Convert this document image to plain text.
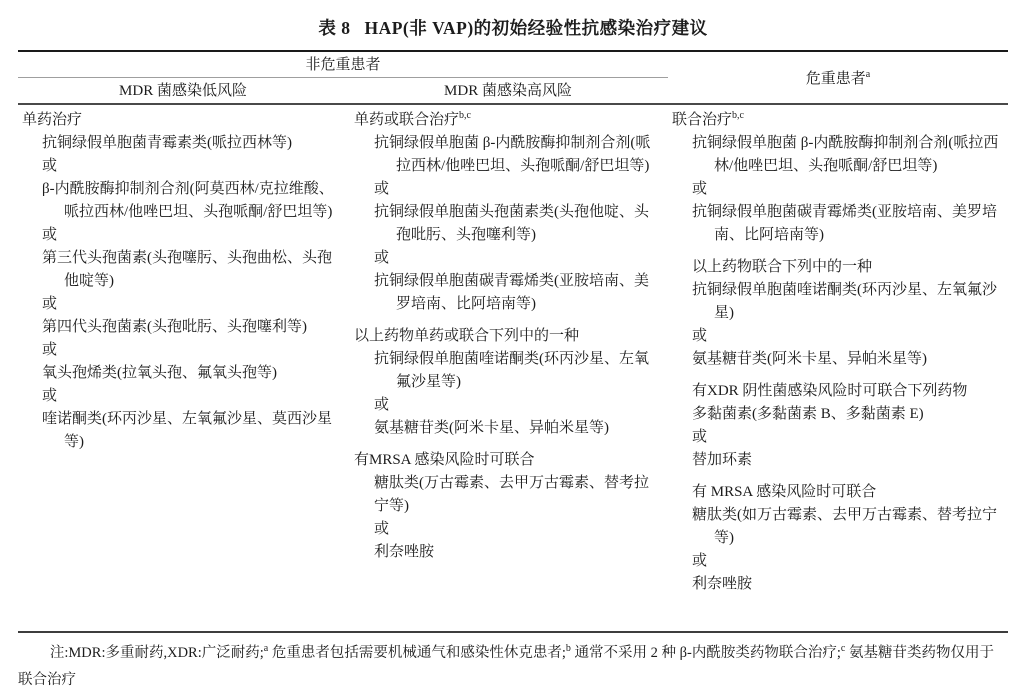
表 8 HAP(非 VAP)的初始经验性抗感染治疗建议
非危重患者
MDR 菌感染低风险	MDR 菌感染高风险
危重患者$^a$
单药治疗
抗铜绿假单胞菌青霉素类(哌拉西林等)
或
β-内酰胺酶抑制剂合剂(阿莫西林/克拉维酸、哌拉西林/他唑巴坦、头孢哌酮/舒巴坦等)
或
第三代头孢菌素(头孢噻肟、头孢曲松、头孢他啶等)
或
第四代头孢菌素(头孢吡肟、头孢噻利等)
或
氧头孢烯类(拉氧头孢、氟氧头孢等)
或
喹诺酮类(环丙沙星、左氧氟沙星、莫西沙星等)
单药或联合治疗$^{b,c}$
抗铜绿假单胞菌 β-内酰胺酶抑制剂合剂(哌拉西林/他唑巴坦、头孢哌酮/舒巴坦等)
或
抗铜绿假单胞菌头孢菌素类(头孢他啶、头孢吡肟、头孢噻利等)
或
抗铜绿假单胞菌碳青霉烯类(亚胺培南、美罗培南、比阿培南等)
以上药物单药或联合下列中的一种
抗铜绿假单胞菌喹诺酮类(环丙沙星、左氧氟沙星等)
或
氨基糖苷类(阿米卡星、异帕米星等)
有MRSA 感染风险时可联合
糖肽类(万古霉素、去甲万古霉素、替考拉宁等)
或
利奈唑胺
联合治疗$^{b,c}$
抗铜绿假单胞菌 β-内酰胺酶抑制剂合剂(哌拉西林/他唑巴坦、头孢哌酮/舒巴坦等)
或
抗铜绿假单胞菌碳青霉烯类(亚胺培南、美罗培南、比阿培南等)
以上药物联合下列中的一种
抗铜绿假单胞菌喹诺酮类(环丙沙星、左氧氟沙星)
或
氨基糖苷类(阿米卡星、异帕米星等)
有XDR 阴性菌感染风险时可联合下列药物
多黏菌素(多黏菌素 B、多黏菌素 E)
或
替加环素
有 MRSA 感染风险时可联合
糖肽类(如万古霉素、去甲万古霉素、替考拉宁等)
或
利奈唑胺

注:MDR:多重耐药,XDR:广泛耐药;$^a$ 危重患者包括需要机械通气和感染性休克患者;$^b$ 通常不采用 2 种 β-内酰胺类药物联合治疗;$^c$ 氨基糖苷类药物仅用于联合治疗
